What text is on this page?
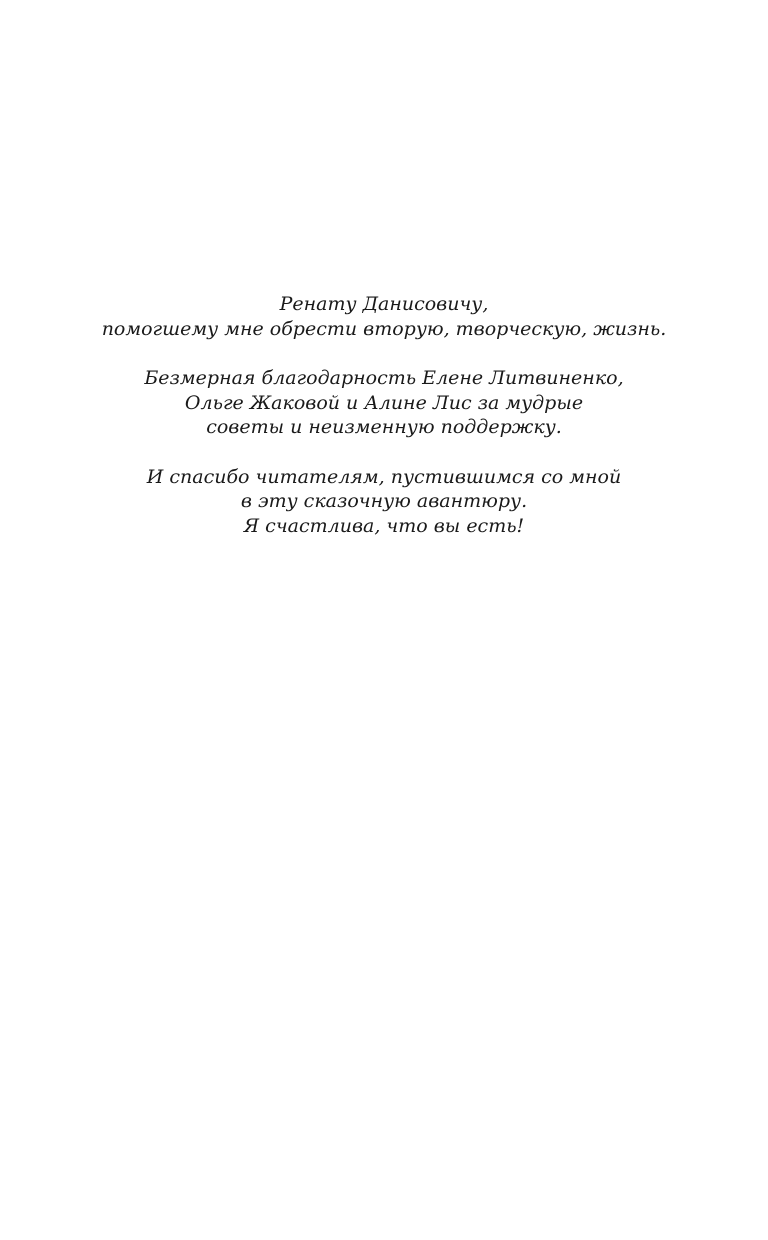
Ренату Данисовичу,
помогшему мне обрести вторую, творческую, жизнь.
Безмерная благодарность Елене Литвиненко,
Ольге Жаковой и Алине Лис за мудрые
советы и неизменную поддержку.
И спасибо читателям, пустившимся со мной
в эту сказочную авантюру.
Я счастлива, что вы есть!
